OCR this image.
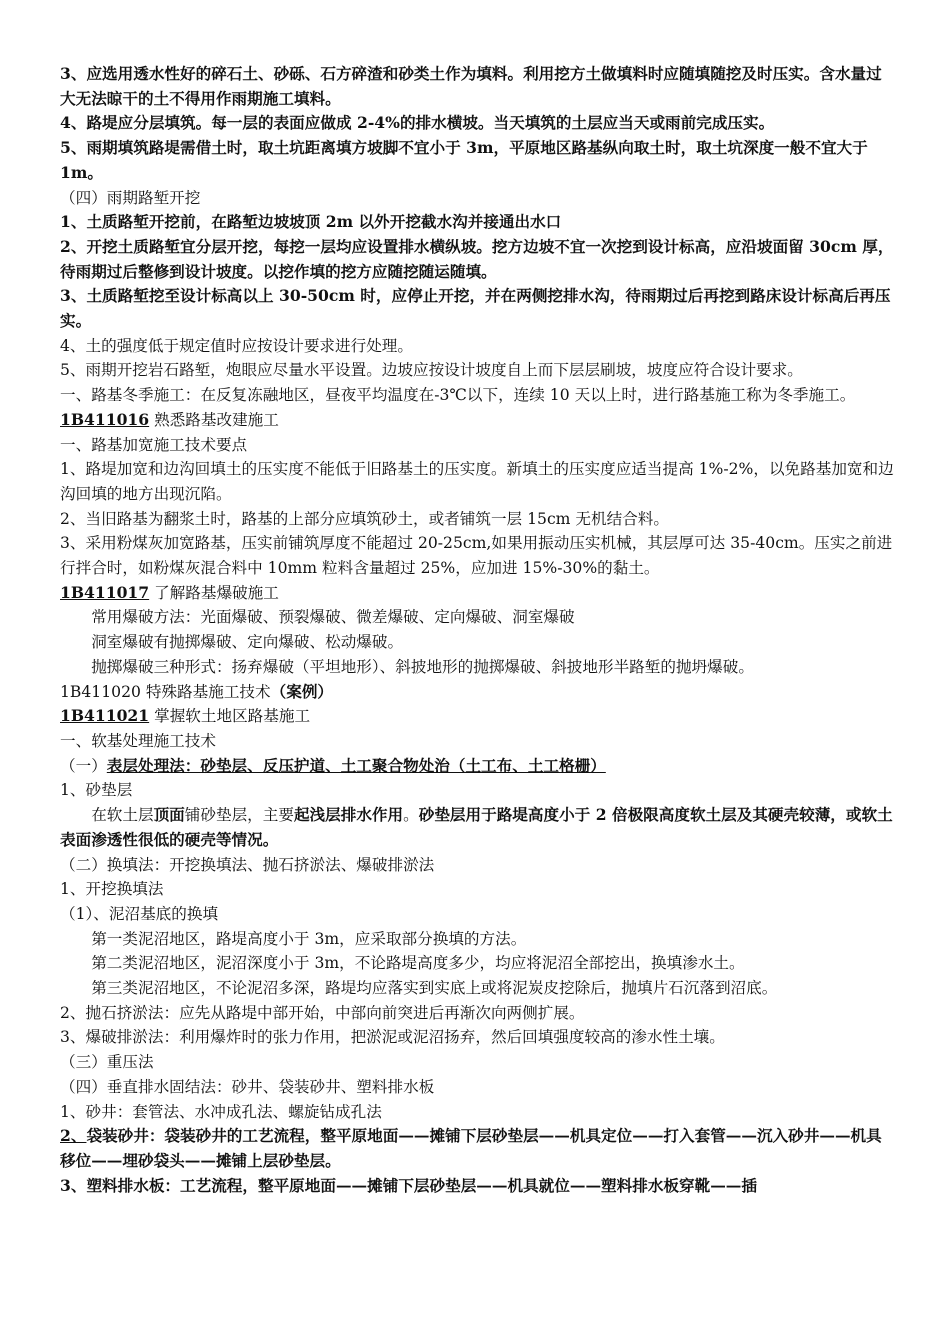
3、应选用透水性好的碎石土、砂砾、石方碎渣和砂类土作为填料。利用挖方土做填料时应随填随挖及时压实。含水量过大无法晾干的土不得用作雨期施工填料。

4、路堤应分层填筑。每一层的表面应做成 2-4%的排水横坡。当天填筑的土层应当天或雨前完成压实。

5、雨期填筑路堤需借土时，取土坑距离填方坡脚不宜小于 3m，平原地区路基纵向取土时，取土坑深度一般不宜大于 1m。

（四）雨期路堑开挖

1、土质路堑开挖前，在路堑边坡坡顶 2m 以外开挖截水沟并接通出水口

2、开挖土质路堑宜分层开挖，每挖一层均应设置排水横纵坡。挖方边坡不宜一次挖到设计标高，应沿坡面留 30cm 厚，待雨期过后整修到设计坡度。以挖作填的挖方应随挖随运随填。

3、土质路堑挖至设计标高以上 30-50cm 时，应停止开挖，并在两侧挖排水沟，待雨期过后再挖到路床设计标高后再压实。

4、土的强度低于规定值时应按设计要求进行处理。

5、雨期开挖岩石路堑，炮眼应尽量水平设置。边坡应按设计坡度自上而下层层刷坡，坡度应符合设计要求。

一、路基冬季施工：在反复冻融地区，昼夜平均温度在-3℃以下，连续 10 天以上时，进行路基施工称为冬季施工。

1B411016 熟悉路基改建施工

一、路基加宽施工技术要点

1、路堤加宽和边沟回填土的压实度不能低于旧路基土的压实度。新填土的压实度应适当提高 1%-2%，以免路基加宽和边沟回填的地方出现沉陷。

2、当旧路基为翻浆土时，路基的上部分应填筑砂土，或者铺筑一层 15cm 无机结合料。

3、采用粉煤灰加宽路基，压实前铺筑厚度不能超过 20-25cm,如果用振动压实机械，其层厚可达 35-40cm。压实之前进行拌合时，如粉煤灰混合料中 10mm 粒料含量超过 25%，应加进 15%-30%的黏土。

1B411017 了解路基爆破施工

常用爆破方法：光面爆破、预裂爆破、微差爆破、定向爆破、洞室爆破

洞室爆破有抛掷爆破、定向爆破、松动爆破。

抛掷爆破三种形式：扬弃爆破（平坦地形）、斜披地形的抛掷爆破、斜披地形半路堑的抛坍爆破。

1B411020 特殊路基施工技术（案例）

1B411021 掌握软土地区路基施工

一、软基处理施工技术

（一）表层处理法：砂垫层、反压护道、土工聚合物处治（土工布、土工格栅）

1、砂垫层

在软土层顶面铺砂垫层，主要起浅层排水作用。砂垫层用于路堤高度小于 2 倍极限高度软土层及其硬壳较薄，或软土表面渗透性很低的硬壳等情况。

（二）换填法：开挖换填法、抛石挤淤法、爆破排淤法

1、开挖换填法

（1）、泥沼基底的换填

第一类泥沼地区，路堤高度小于 3m，应采取部分换填的方法。

第二类泥沼地区，泥沼深度小于 3m，不论路堤高度多少，均应将泥沼全部挖出，换填渗水土。

第三类泥沼地区，不论泥沼多深，路堤均应落实到实底上或将泥炭皮挖除后，抛填片石沉落到沼底。

2、抛石挤淤法：应先从路堤中部开始，中部向前突进后再渐次向两侧扩展。

3、爆破排淤法：利用爆炸时的张力作用，把淤泥或泥沼扬弃，然后回填强度较高的渗水性土壤。

（三）重压法

（四）垂直排水固结法：砂井、袋装砂井、塑料排水板

1、砂井：套管法、水冲成孔法、螺旋钻成孔法

2、袋装砂井：袋装砂井的工艺流程，整平原地面——摊铺下层砂垫层——机具定位——打入套管——沉入砂井——机具移位——埋砂袋头——摊铺上层砂垫层。

3、塑料排水板：工艺流程，整平原地面——摊铺下层砂垫层——机具就位——塑料排水板穿靴——插
